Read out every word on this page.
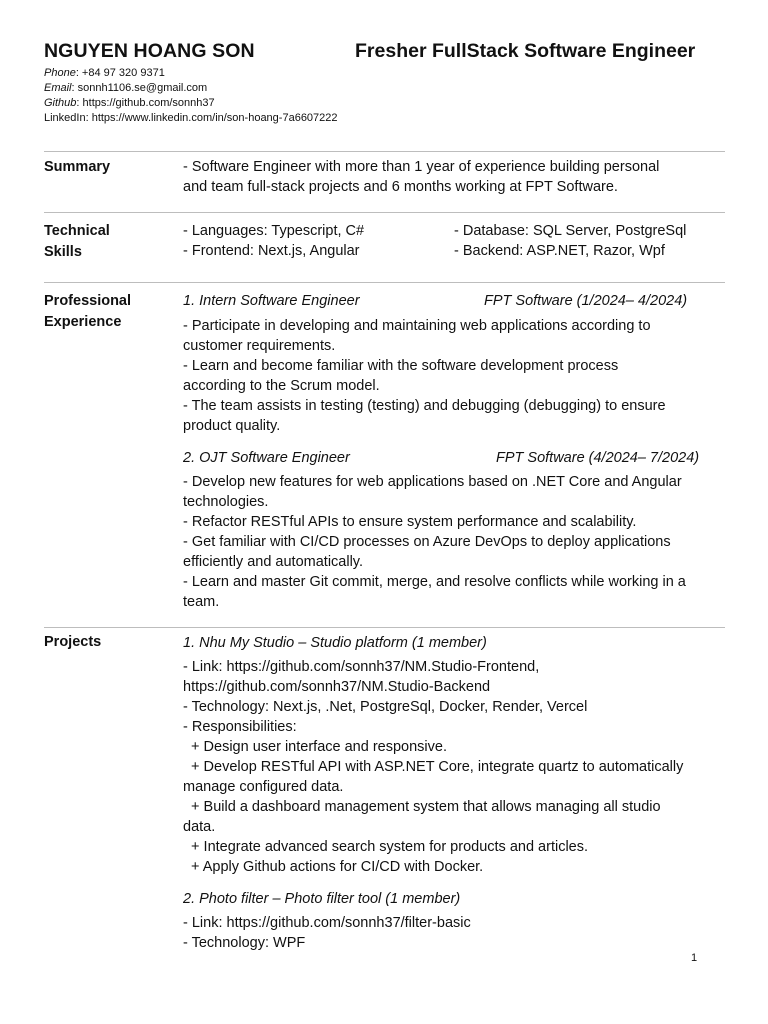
NGUYEN HOANG SON	Fresher FullStack Software Engineer
Phone: +84 97 320 9371
Email: sonnh1106.se@gmail.com
Github: https://github.com/sonnh37
LinkedIn: https://www.linkedin.com/in/son-hoang-7a6607222
Summary	- Software Engineer with more than 1 year of experience building personal
and team full-stack projects and 6 months working at FPT Software.
Technical
Skills
- Languages: Typescript, C#	- Database: SQL Server, PostgreSql
- Frontend: Next.js, Angular	- Backend: ASP.NET, Razor, Wpf
Professional
Experience
1. Intern Software Engineer	FPT Software (1/2024– 4/2024)
- Participate in developing and maintaining web applications according to
customer requirements.
- Learn and become familiar with the software development process
according to the Scrum model.
- The team assists in testing (testing) and debugging (debugging) to ensure
product quality.
2. OJT Software Engineer	FPT Software (4/2024– 7/2024)
- Develop new features for web applications based on .NET Core and Angular
technologies.
- Refactor RESTful APIs to ensure system performance and scalability.
- Get familiar with CI/CD processes on Azure DevOps to deploy applications
efficiently and automatically.
- Learn and master Git commit, merge, and resolve conflicts while working in a
team.
Projects	1. Nhu My Studio – Studio platform (1 member)
- Link: https://github.com/sonnh37/NM.Studio-Frontend,
https://github.com/sonnh37/NM.Studio-Backend
- Technology: Next.js, .Net, PostgreSql, Docker, Render, Vercel
- Responsibilities:
+ Design user interface and responsive.
+ Develop RESTful API with ASP.NET Core, integrate quartz to automatically
manage configured data.
+ Build a dashboard management system that allows managing all studio
data.
+ Integrate advanced search system for products and articles.
+ Apply Github actions for CI/CD with Docker.
2. Photo filter – Photo filter tool (1 member)
- Link: https://github.com/sonnh37/filter-basic
- Technology: WPF
1
